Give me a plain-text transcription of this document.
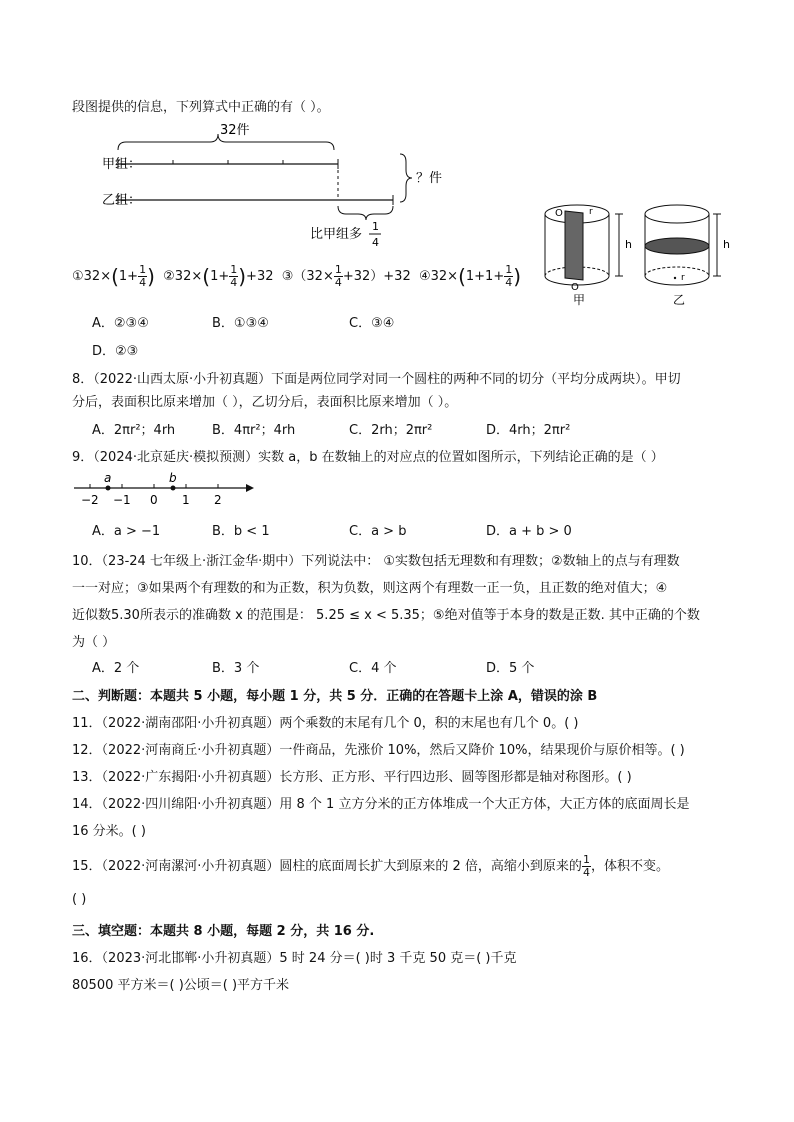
段图提供的信息，下列算式中正确的有（ ）。
32件
甲组：
乙组：
？件
比甲组多
1
4
①32×(1+ $\frac{1}{4}$ ) ②32×(1+ $\frac{1}{4} )+32$ ③（32× $\frac{1}{4} +32)+32$ ④32×(1+1+ $\frac{1}{4}$ )
O	r
O
h
甲
r
h
乙
A．②③④	B．①③④	C．③④
D．②③
8．（2022·山西太原·小升初真题）下面是两位同学对同一个圆柱的两种不同的切分（平均分成两块）。甲切
分后，表面积比原来增加（ ），乙切分后，表面积比原来增加（ ）。
A．2πr²；4rh	B．4πr²；4rh	C．2rh；2πr²	D．4rh；2πr²
9．（2024·北京延庆·模拟预测）实数 a，b 在数轴上的对应点的位置如图所示，下列结论正确的是（ ）
−2 −1 0 1 2
a	b
A．a > −1	B．b < 1	C．a > b	D．a + b > 0
10．（23-24 七年级上·浙江金华·期中）下列说法中： ①实数包括无理数和有理数；②数轴上的点与有理数
一一对应；③如果两个有理数的和为正数，积为负数，则这两个有理数一正一负，且正数的绝对值大；④
近似数5.30所表示的准确数 x 的范围是： 5.25 ≤ x < 5.35；⑤绝对值等于本身的数是正数. 其中正确的个数
为（ ）
A．2 个	B．3 个	C．4 个	D．5 个
二、判断题：本题共 5 小题，每小题 1 分，共 5 分．正确的在答题卡上涂 A，错误的涂 B
11．（2022·湖南邵阳·小升初真题）两个乘数的末尾有几个 0，积的末尾也有几个 0。( )
12．（2022·河南商丘·小升初真题）一件商品，先涨价 10%，然后又降价 10%，结果现价与原价相等。( )
13．（2022·广东揭阳·小升初真题）长方形、正方形、平行四边形、圆等图形都是轴对称图形。( )
14．（2022·四川绵阳·小升初真题）用 8 个 1 立方分米的正方体堆成一个大正方体，大正方体的底面周长是
16 分米。( )
15．（2022·河南漯河·小升初真题）圆柱的底面周长扩大到原来的 2 倍，高缩小到原来的 $\frac{1}{4}$ ，体积不变。
( )
三、填空题：本题共 8 小题，每题 2 分，共 16 分.
16．（2023·河北邯郸·小升初真题）5 时 24 分＝( )时 3 千克 50 克＝( )千克
80500 平方米＝( )公顷＝( )平方千米
